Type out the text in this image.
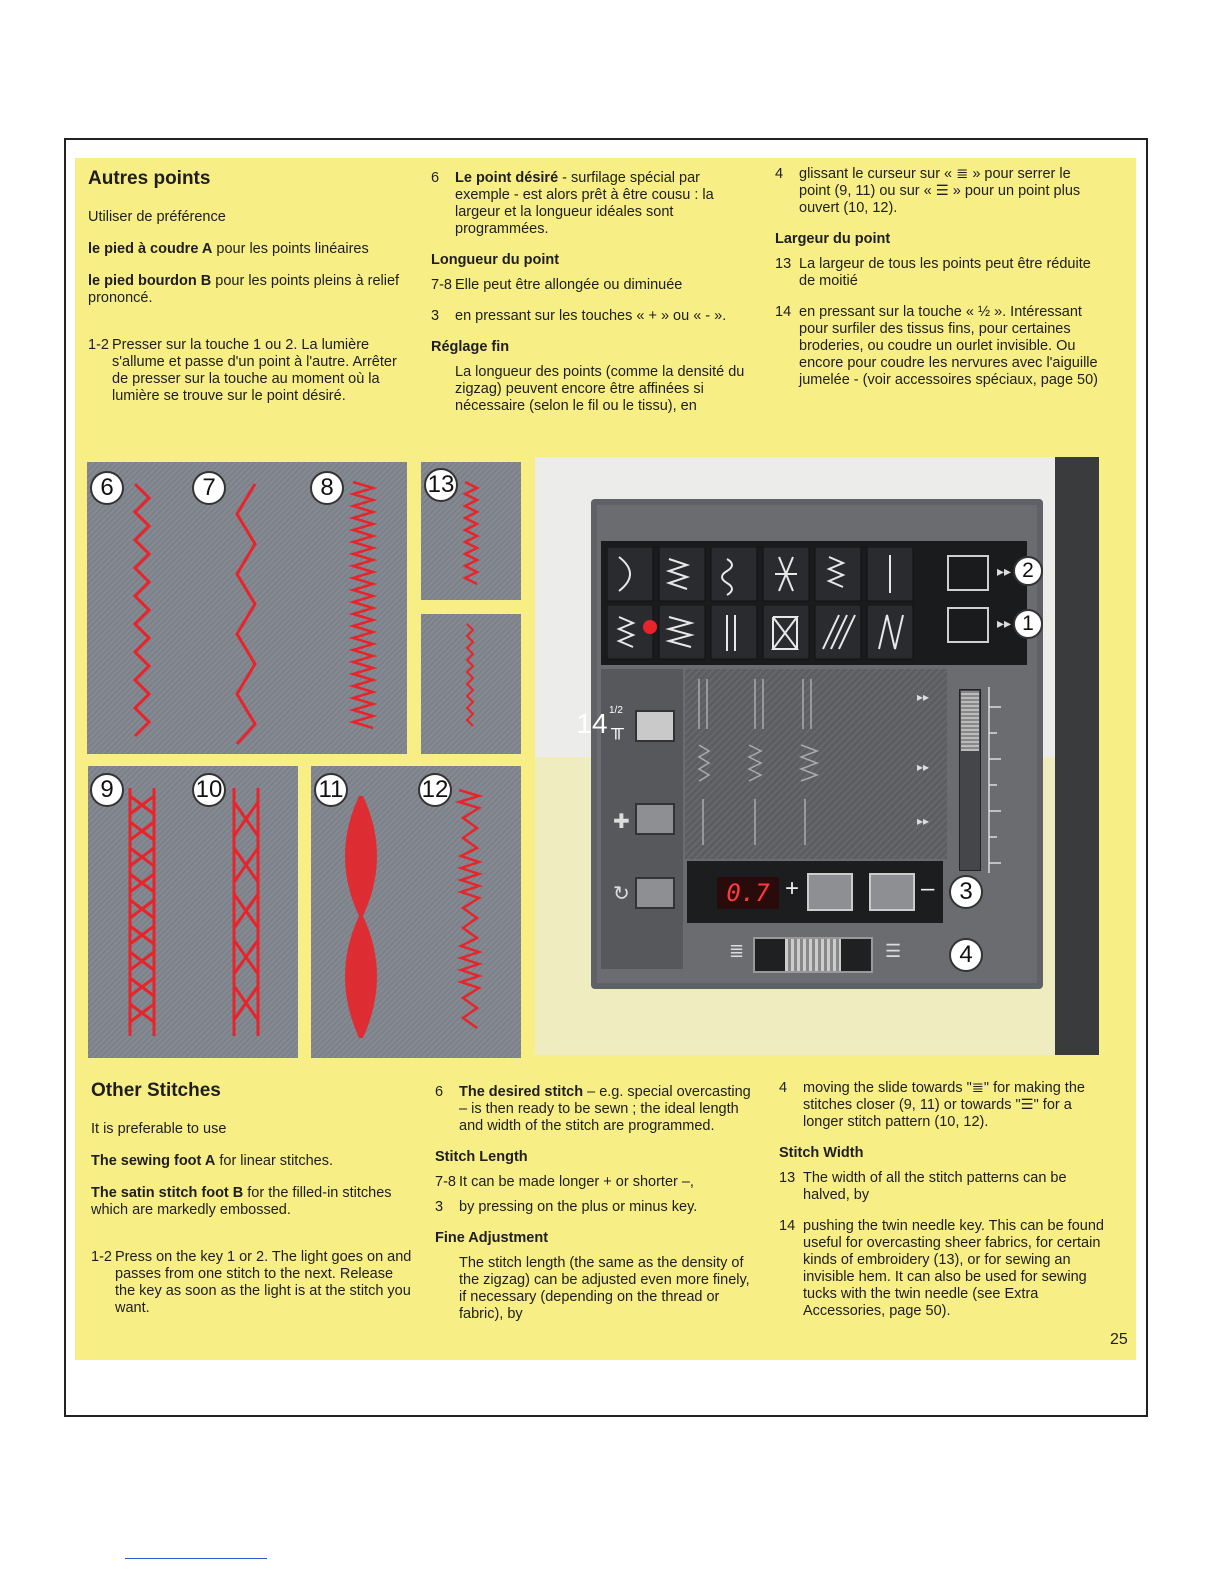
Autres points

Utiliser de préférence

le pied à coudre A pour les points linéaires

le pied bourdon B pour les points pleins à relief prononcé.

1-2 Presser sur la touche 1 ou 2. La lumière s'allume et passe d'un point à l'autre. Arrêter de presser sur la touche au moment où la lumière se trouve sur le point désiré.
6	Le point désiré - surfilage spécial par exemple - est alors prêt à être cousu : la largeur et la longueur idéales sont programmées.
Longueur du point
7-8 Elle peut être allongée ou diminuée
3	en pressant sur les touches « + » ou « - ».
Réglage fin

La longueur des points (comme la densité du zigzag) peuvent encore être affinées si nécessaire (selon le fil ou le tissu), en

4	glissant le curseur sur « ≣ » pour serrer le point (9, 11) ou sur « ☰ » pour un point plus ouvert (10, 12).
Largeur du point
13 La largeur de tous les points peut être réduite de moitié
14 en pressant sur la touche « ½ ». Intéressant pour surfiler des tissus fins, pour certaines broderies, ou coudre un ourlet invisible. Ou encore pour coudre les nervures avec l'aiguille jumelée - (voir accessoires spéciaux, page 50)
6	7	8	13
9	10	11	12
▸▸
▸▸
2
1
1/2
╥
14
✚
↻
▸▸
▸▸
▸▸
0.7 +	–	3
≣	☰	4
Other Stitches

It is preferable to use

The sewing foot A for linear stitches.

The satin stitch foot B for the filled-in stitches which are markedly embossed.

1-2 Press on the key 1 or 2. The light goes on and passes from one stitch to the next. Release the key as soon as the light is at the stitch you want.
6	The desired stitch – e.g. special overcasting – is then ready to be sewn ; the ideal length and width of the stitch are programmed.
Stitch Length
7-8 It can be made longer + or shorter –,
3	by pressing on the plus or minus key.
Fine Adjustment

The stitch length (the same as the density of the zigzag) can be adjusted even more finely, if necessary (depending on the thread or fabric), by

4	moving the slide towards "≣" for making the stitches closer (9, 11) or towards "☰" for a longer stitch pattern (10, 12).
Stitch Width
13 The width of all the stitch patterns can be halved, by
14 pushing the twin needle key. This can be found useful for overcasting sheer fabrics, for certain kinds of embroidery (13), or for sewing an invisible hem. It can also be used for sewing tucks with the twin needle (see Extra Accessories, page 50).
25
